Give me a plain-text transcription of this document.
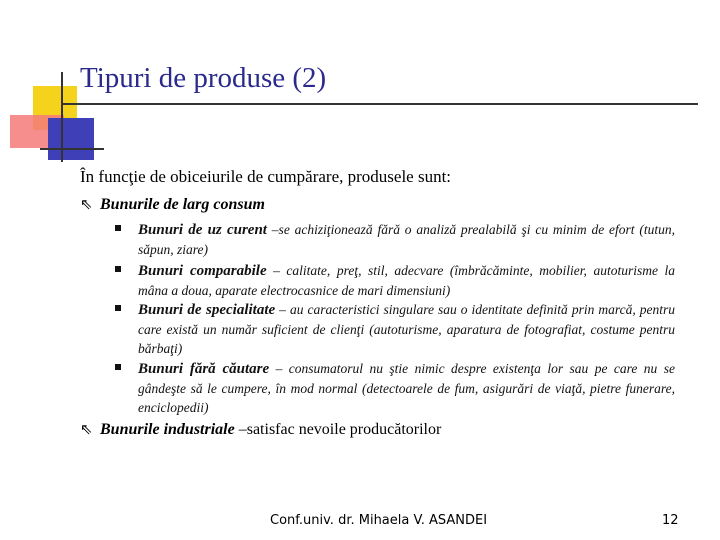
Tipuri de produse (2)
În funcţie de obiceiurile de cumpărare, produsele sunt:
⇖ Bunurile de larg consum
Bunuri de uz curent –se achiziţionează fără o analiză prealabilă şi cu minim de efort (tutun, săpun, ziare)
Bunuri comparabile – calitate, preţ, stil, adecvare (îmbrăcăminte, mobilier, autoturisme la mâna a doua, aparate electrocasnice de mari dimensiuni)
Bunuri de specialitate – au caracteristici singulare sau o identitate definită prin marcă, pentru care există un număr suficient de clienţi (autoturisme, aparatura de fotografiat, costume pentru bărbaţi)
Bunuri fără căutare – consumatorul nu ştie nimic despre existenţa lor sau pe care nu se gândeşte să le cumpere, în mod normal (detectoarele de fum, asigurări de viaţă, pietre funerare, enciclopedii)
⇖ Bunurile industriale –satisfac nevoile producătorilor
Conf.univ. dr. Mihaela V. ASANDEI	12
